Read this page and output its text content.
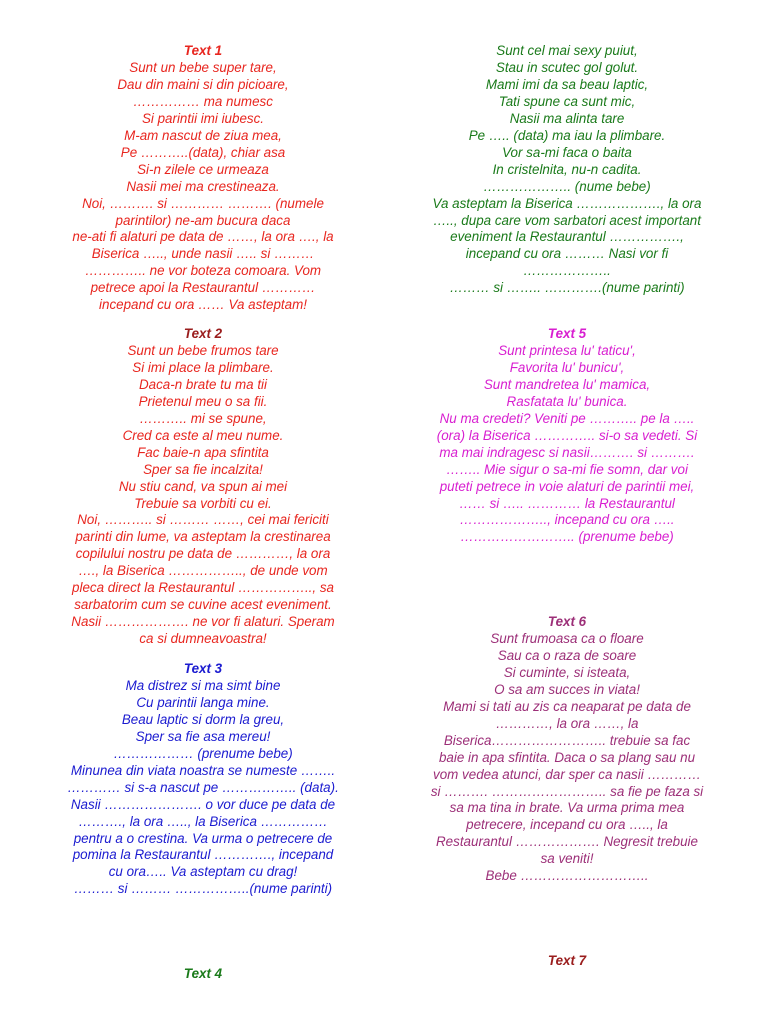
Text 1
Sunt un bebe super tare,
Dau din maini si din picioare,
…………… ma numesc
Si parintii imi iubesc.
M-am nascut de ziua mea,
Pe ………..(data), chiar asa
Si-n zilele ce urmeaza
Nasii mei ma crestineaza.
Noi, ………. si ………… ………. (numele
parintilor) ne-am bucura daca
ne-ati fi alaturi pe data de ……, la ora …., la
Biserica ….., unde nasii ….. si ………
………….. ne vor boteza comoara. Vom
petrece apoi la Restaurantul …………
incepand cu ora …… Va asteptam!
Text 2
Sunt un bebe frumos tare
Si imi place la plimbare.
Daca-n brate tu ma tii
Prietenul meu o sa fii.
……….. mi se spune,
Cred ca este al meu nume.
Fac baie-n apa sfintita
Sper sa fie incalzita!
Nu stiu cand, va spun ai mei
Trebuie sa vorbiti cu ei.
Noi, ……….. si ……… ……, cei mai fericiti
parinti din lume, va asteptam la crestinarea
copilului nostru pe data de …………, la ora
…., la Biserica …………….., de unde vom
pleca direct la Restaurantul …………….., sa
sarbatorim cum se cuvine acest eveniment.
Nasii ………………. ne vor fi alaturi. Speram
ca si dumneavoastra!
Text 3
Ma distrez si ma simt bine
Cu parintii langa mine.
Beau laptic si dorm la greu,
Sper sa fie asa mereu!
……………… (prenume bebe)
Minunea din viata noastra se numeste ……..
………… si s-a nascut pe …………….. (data).
Nasii …………………. o vor duce pe data de
………., la ora ….., la Biserica ……………
pentru a o crestina. Va urma o petrecere de
pomina la Restaurantul …………., incepand
cu ora….. Va asteptam cu drag!
……… si ……… ……………..(nume parinti)
Text 4
Sunt cel mai sexy puiut,
Stau in scutec gol golut.
Mami imi da sa beau laptic,
Tati spune ca sunt mic,
Nasii ma alinta tare
Pe ….. (data) ma iau la plimbare.
Vor sa-mi faca o baita
In cristelnita, nu-n cadita.
……………….. (nume bebe)
Va asteptam la Biserica ………………., la ora
….., dupa care vom sarbatori acest important
eveniment la Restaurantul …………….,
incepand cu ora ……… Nasi vor fi
………………..
……… si …….. ………….(nume parinti)
Text 5
Sunt printesa lu' taticu',
Favorita lu' bunicu',
Sunt mandretea lu' mamica,
Rasfatata lu' bunica.
Nu ma credeti? Veniti pe ……….. pe la …..
(ora) la Biserica ………….. si-o sa vedeti. Si
ma mai indragesc si nasii………. si ……….
…….. Mie sigur o sa-mi fie somn, dar voi
puteti petrece in voie alaturi de parintii mei,
…… si ….. ………… la Restaurantul
……………….., incepand cu ora …..
…………………….. (prenume bebe)
Text 6
Sunt frumoasa ca o floare
Sau ca o raza de soare
Si cuminte, si isteata,
O sa am succes in viata!
Mami si tati au zis ca neaparat pe data de
…………, la ora ……, la
Biserica…………………….. trebuie sa fac
baie in apa sfintita. Daca o sa plang sau nu
vom vedea atunci, dar sper ca nasii …………
si ………. …………………….. sa fie pe faza si
sa ma tina in brate. Va urma prima mea
petrecere, incepand cu ora ….., la
Restaurantul ………………. Negresit trebuie
sa veniti!
Bebe ………………………..
Text 7
